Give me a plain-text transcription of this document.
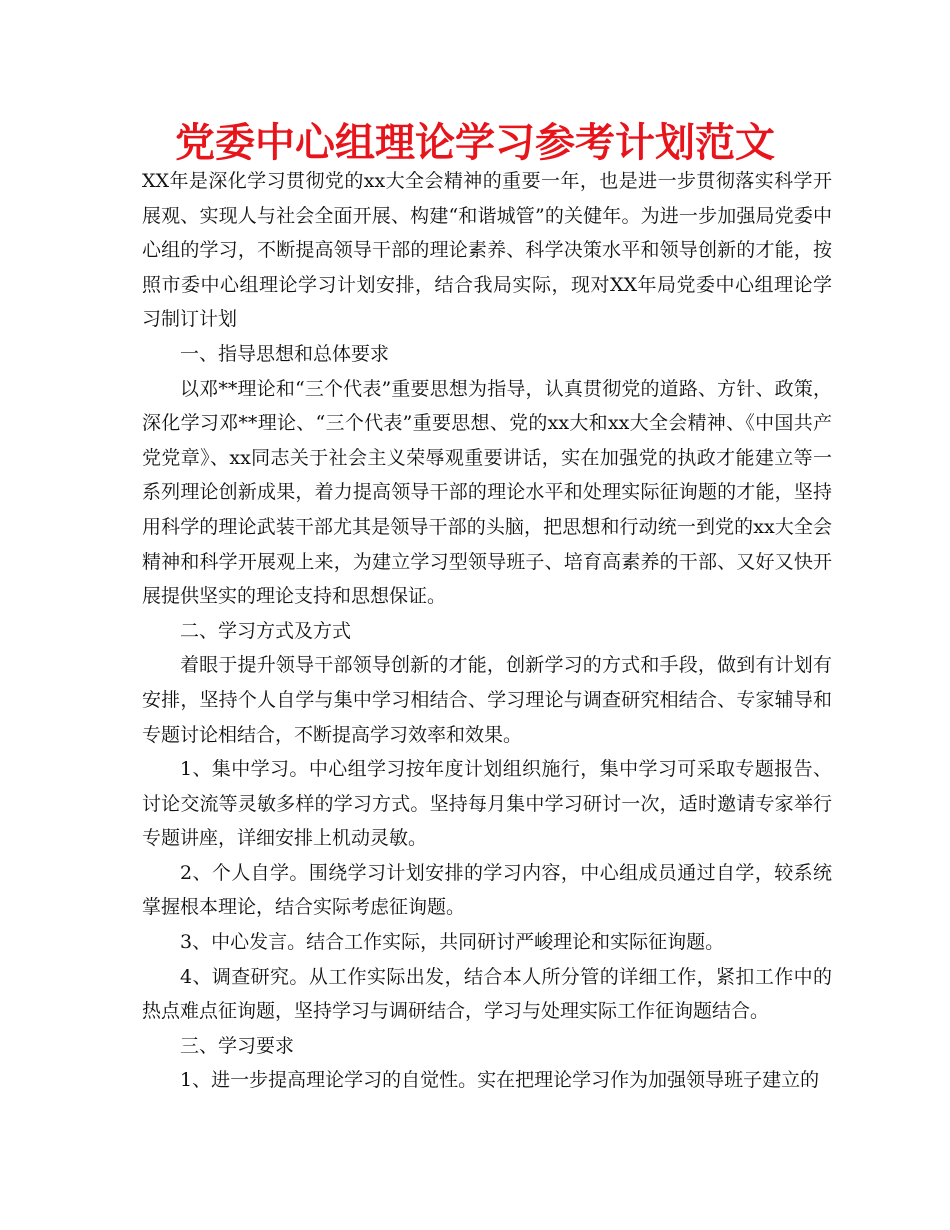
党委中心组理论学习参考计划范文

XX年是深化学习贯彻党的xx大全会精神的重要一年，也是进一步贯彻落实科学开展观、实现人与社会全面开展、构建“和谐城管”的关健年。为进一步加强局党委中心组的学习，不断提高领导干部的理论素养、科学决策水平和领导创新的才能，按照市委中心组理论学习计划安排，结合我局实际，现对XX年局党委中心组理论学习制订计划

一、指导思想和总体要求

以邓**理论和“三个代表”重要思想为指导，认真贯彻党的道路、方针、政策，深化学习邓**理论、“三个代表”重要思想、党的xx大和xx大全会精神、《中国共产党党章》、xx同志关于社会主义荣辱观重要讲话，实在加强党的执政才能建立等一系列理论创新成果，着力提高领导干部的理论水平和处理实际征询题的才能，坚持用科学的理论武装干部尤其是领导干部的头脑，把思想和行动统一到党的xx大全会精神和科学开展观上来，为建立学习型领导班子、培育高素养的干部、又好又快开展提供坚实的理论支持和思想保证。

二、学习方式及方式

着眼于提升领导干部领导创新的才能，创新学习的方式和手段，做到有计划有安排，坚持个人自学与集中学习相结合、学习理论与调查研究相结合、专家辅导和专题讨论相结合，不断提高学习效率和效果。

1、集中学习。中心组学习按年度计划组织施行，集中学习可采取专题报告、讨论交流等灵敏多样的学习方式。坚持每月集中学习研讨一次，适时邀请专家举行专题讲座，详细安排上机动灵敏。

2、个人自学。围绕学习计划安排的学习内容，中心组成员通过自学，较系统掌握根本理论，结合实际考虑征询题。

3、中心发言。结合工作实际，共同研讨严峻理论和实际征询题。

4、调查研究。从工作实际出发，结合本人所分管的详细工作，紧扣工作中的热点难点征询题，坚持学习与调研结合，学习与处理实际工作征询题结合。

三、学习要求

1、进一步提高理论学习的自觉性。实在把理论学习作为加强领导班子建立的
